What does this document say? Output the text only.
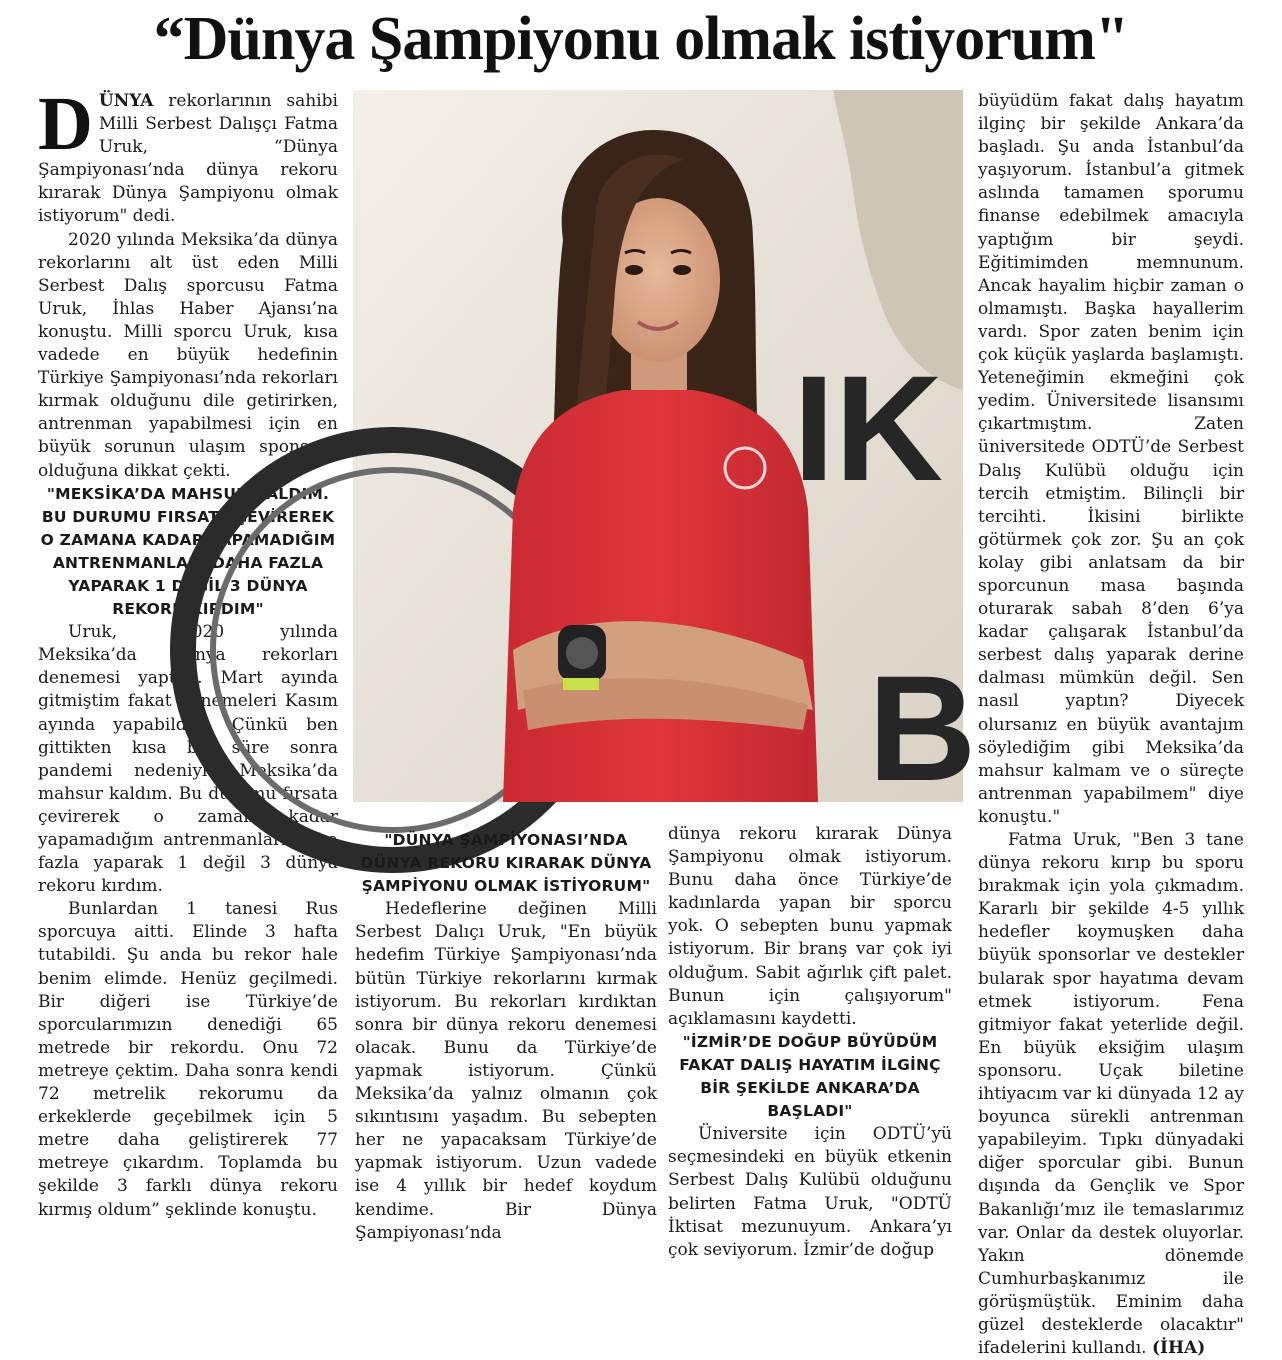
“Dünya Şampiyonu olmak istiyorum"

DÜNYA rekorlarının sahibi Milli Serbest Dalışçı Fatma Uruk, “Dünya Şampiyonası’nda dünya rekoru kırarak Dünya Şampiyonu olmak istiyorum" dedi.

2020 yılında Meksika’da dünya rekorlarını alt üst eden Milli Serbest Dalış sporcusu Fatma Uruk, İhlas Haber Ajansı’na konuştu. Milli sporcu Uruk, kısa vadede en büyük hedefinin Türkiye Şampiyonası’nda rekorları kırmak olduğunu dile getirirken, antrenman yapabilmesi için en büyük sorunun ulaşım sponsoru olduğuna dikkat çekti.

"MEKSİKA’DA MAHSUR KALDIM. BU DURUMU FIRSATA ÇEVİREREK O ZAMANA KADAR YAPAMADIĞIM ANTRENMANLARI DAHA FAZLA YAPARAK 1 DEĞİL 3 DÜNYA REKORU KIRDIM"

Uruk, "2020 yılında Meksika’da dünya rekorları denemesi yaptım. Mart ayında gitmiştim fakat denemeleri Kasım ayında yapabildim. Çünkü ben gittikten kısa bir süre sonra pandemi nedeniyle Meksika’da mahsur kaldım. Bu durumu fırsata çevirerek o zaman kadar yapamadığım antrenmanları daha fazla yaparak 1 değil 3 dünya rekoru kırdım.

Bunlardan 1 tanesi Rus sporcuya aitti. Elinde 3 hafta tutabildi. Şu anda bu rekor hale benim elimde. Henüz geçilmedi. Bir diğeri ise Türkiye’de sporcularımızın denediği 65 metrede bir rekordu. Onu 72 metreye çektim. Daha sonra kendi 72 metrelik rekorumu da erkeklerde geçebilmek için 5 metre daha geliştirerek 77 metreye çıkardım. Toplamda bu şekilde 3 farklı dünya rekoru kırmış oldum” şeklinde konuştu.

IK
B

"DÜNYA ŞAMPİYONASI’NDA DÜNYA REKORU KIRARAK DÜNYA ŞAMPİYONU OLMAK İSTİYORUM"

Hedeflerine değinen Milli Serbest Dalıçı Uruk, "En büyük hedefim Türkiye Şampiyonası’nda bütün Türkiye rekorlarını kırmak istiyorum. Bu rekorları kırdıktan sonra bir dünya rekoru denemesi olacak. Bunu da Türkiye’de yapmak istiyorum. Çünkü Meksika’da yalnız olmanın çok sıkıntısını yaşadım. Bu sebepten her ne yapacaksam Türkiye’de yapmak istiyorum. Uzun vadede ise 4 yıllık bir hedef koydum kendime. Bir Dünya Şampiyonası’nda

dünya rekoru kırarak Dünya Şampiyonu olmak istiyorum. Bunu daha önce Türkiye’de kadınlarda yapan bir sporcu yok. O sebepten bunu yapmak istiyorum. Bir branş var çok iyi olduğum. Sabit ağırlık çift palet. Bunun için çalışıyorum" açıklamasını kaydetti.

"İZMİR’DE DOĞUP BÜYÜDÜM FAKAT DALIŞ HAYATIM İLGİNÇ BİR ŞEKİLDE ANKARA’DA BAŞLADI"

Üniversite için ODTÜ’yü seçmesindeki en büyük etkenin Serbest Dalış Kulübü olduğunu belirten Fatma Uruk, "ODTÜ İktisat mezunuyum. Ankara’yı çok seviyorum. İzmir’de doğup

büyüdüm fakat dalış hayatım ilginç bir şekilde Ankara’da başladı. Şu anda İstanbul’da yaşıyorum. İstanbul’a gitmek aslında tamamen sporumu finanse edebilmek amacıyla yaptığım bir şeydi. Eğitimimden memnunum. Ancak hayalim hiçbir zaman o olmamıştı. Başka hayallerim vardı. Spor zaten benim için çok küçük yaşlarda başlamıştı. Yeteneğimin ekmeğini çok yedim. Üniversitede lisansımı çıkartmıştım. Zaten üniversitede ODTÜ’de Serbest Dalış Kulübü olduğu için tercih etmiştim. Bilinçli bir tercihti. İkisini birlikte götürmek çok zor. Şu an çok kolay gibi anlatsam da bir sporcunun masa başında oturarak sabah 8’den 6’ya kadar çalışarak İstanbul’da serbest dalış yaparak derine dalması mümkün değil. Sen nasıl yaptın? Diyecek olursanız en büyük avantajım söylediğim gibi Meksika’da mahsur kalmam ve o süreçte antrenman yapabilmem" diye konuştu."

Fatma Uruk, "Ben 3 tane dünya rekoru kırıp bu sporu bırakmak için yola çıkmadım. Kararlı bir şekilde 4-5 yıllık hedefler koymuşken daha büyük sponsorlar ve destekler bularak spor hayatıma devam etmek istiyorum. Fena gitmiyor fakat yeterlide değil. En büyük eksiğim ulaşım sponsoru. Uçak biletine ihtiyacım var ki dünyada 12 ay boyunca sürekli antrenman yapabileyim. Tıpkı dünyadaki diğer sporcular gibi. Bunun dışında da Gençlik ve Spor Bakanlığı’mız ile temaslarımız var. Onlar da destek oluyorlar. Yakın dönemde Cumhurbaşkanımız ile görüşmüştük. Eminim daha güzel desteklerde olacaktır" ifadelerini kullandı. (İHA)
